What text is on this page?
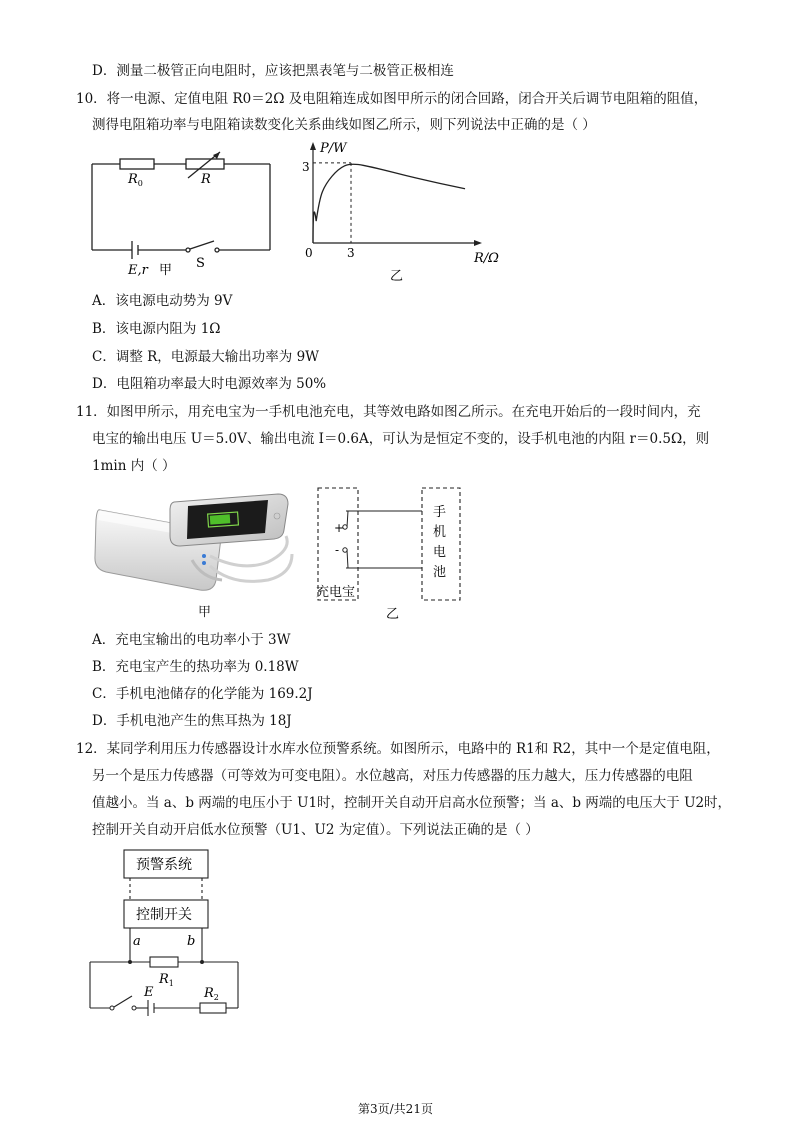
D．测量二极管正向电阻时，应该把黑表笔与二极管正极相连
10．将一电源、定值电阻 R0＝2Ω 及电阻箱连成如图甲所示的闭合回路，闭合开关后调节电阻箱的阻值，
测得电阻箱功率与电阻箱读数变化关系曲线如图乙所示，则下列说法中正确的是（ ）
$R_0$	R
E,r	S
甲
P/W
R/Ω
0	3
3
乙
A．该电源电动势为 9V
B．该电源内阻为 1Ω
C．调整 R，电源最大输出功率为 9W
D．电阻箱功率最大时电源效率为 50%
11．如图甲所示，用充电宝为一手机电池充电，其等效电路如图乙所示。在充电开始后的一段时间内，充
电宝的输出电压 U＝5.0V、输出电流 I＝0.6A，可认为是恒定不变的，设手机电池的内阻 r＝0.5Ω，则
1min 内（ ）
甲
+
-
充电宝
手
机
电
池
乙
A．充电宝输出的电功率小于 3W
B．充电宝产生的热功率为 0.18W
C．手机电池储存的化学能为 169.2J
D．手机电池产生的焦耳热为 18J
12．某同学利用压力传感器设计水库水位预警系统。如图所示，电路中的 R1和 R2，其中一个是定值电阻，
另一个是压力传感器（可等效为可变电阻）。水位越高，对压力传感器的压力越大，压力传感器的电阻
值越小。当 a、b 两端的电压小于 U1时，控制开关自动开启高水位预警；当 a、b 两端的电压大于 U2时，
控制开关自动开启低水位预警（U1、U2 为定值）。下列说法正确的是（ ）
预警系统
控制开关
a	b
$R_1$
E	$R_2$
第3页/共21页
